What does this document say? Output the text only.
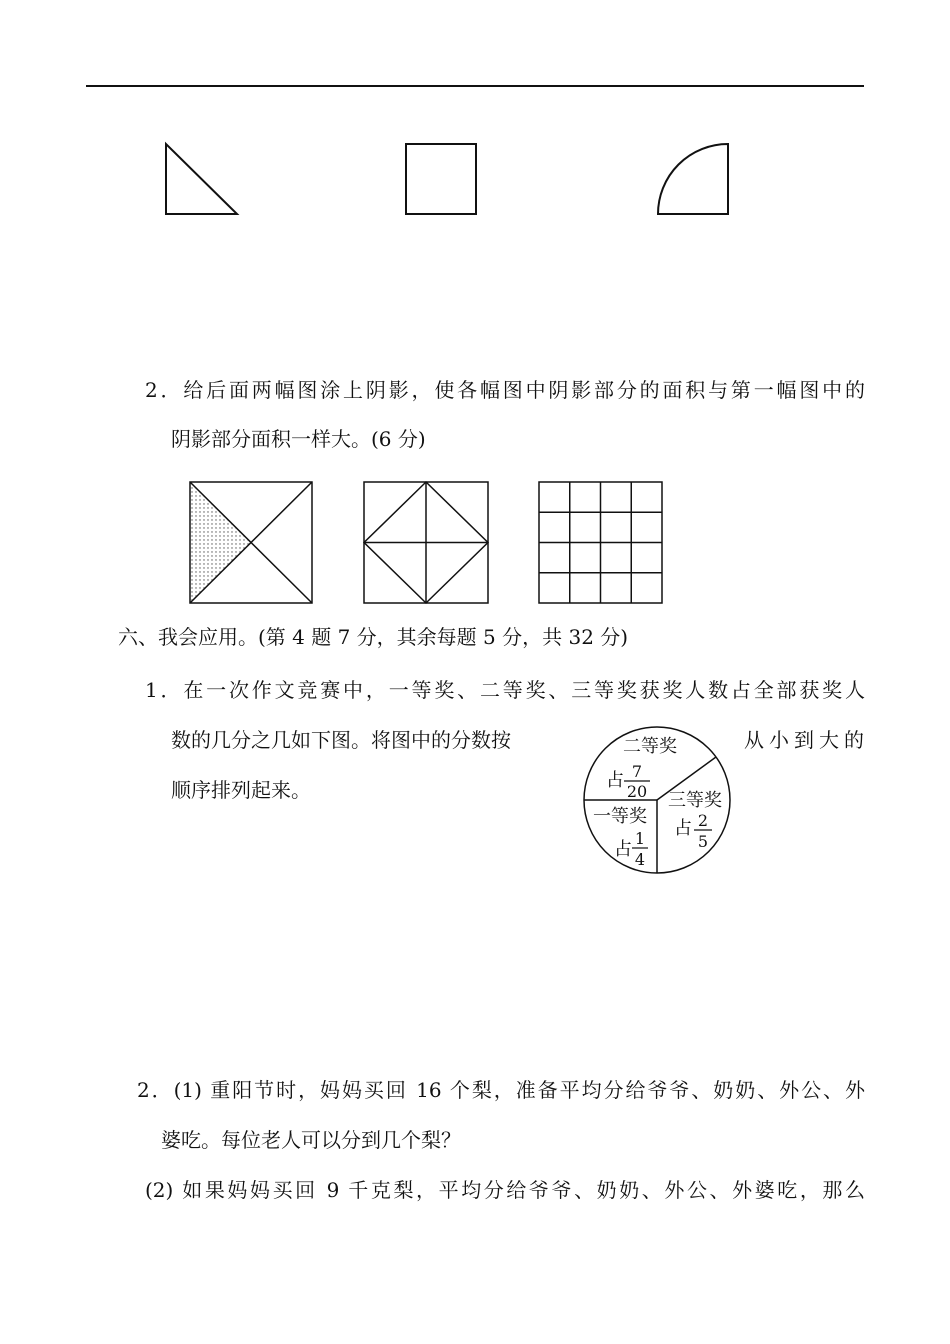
2．给后面两幅图涂上阴影，使各幅图中阴影部分的面积与第一幅图中的
阴影部分面积一样大。(6 分)
六、我会应用。(第 4 题 7 分，其余每题 5 分，共 32 分)
1．在一次作文竞赛中，一等奖、二等奖、三等奖获奖人数占全部获奖人
数的几分之几如下图。将图中的分数按	从小到大的
顺序排列起来。
二等奖
占 7
20 三等奖
占 2
5
一等奖
占
1
4
2．(1) 重阳节时，妈妈买回 16 个梨，准备平均分给爷爷、奶奶、外公、外
婆吃。每位老人可以分到几个梨？
(2) 如果妈妈买回 9 千克梨，平均分给爷爷、奶奶、外公、外婆吃，那么
